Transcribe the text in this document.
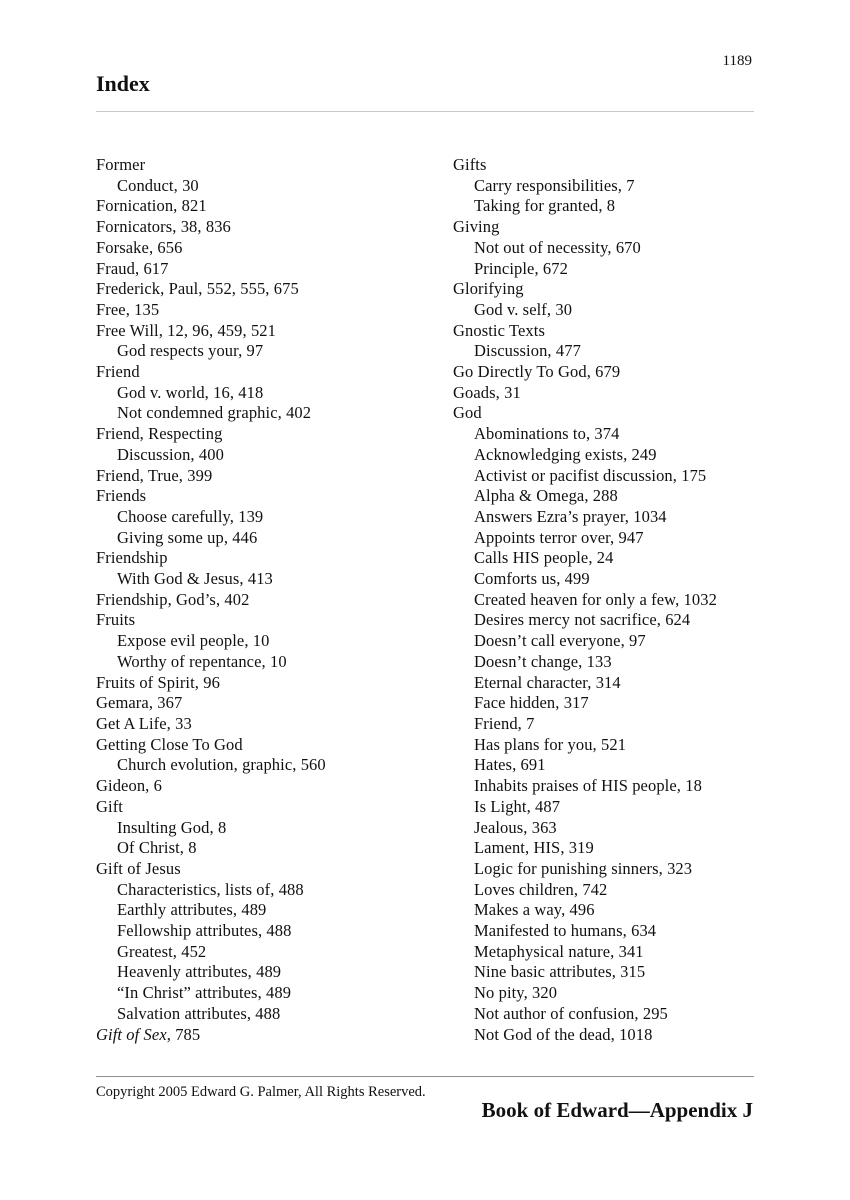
1189
Index
Former
Conduct, 30
Fornication, 821
Fornicators, 38, 836
Forsake, 656
Fraud, 617
Frederick, Paul, 552, 555, 675
Free, 135
Free Will, 12, 96, 459, 521
God respects your, 97
Friend
God v. world, 16, 418
Not condemned graphic, 402
Friend, Respecting
Discussion, 400
Friend, True, 399
Friends
Choose carefully, 139
Giving some up, 446
Friendship
With God & Jesus, 413
Friendship, God’s, 402
Fruits
Expose evil people, 10
Worthy of repentance, 10
Fruits of Spirit, 96
Gemara, 367
Get A Life, 33
Getting Close To God
Church evolution, graphic, 560
Gideon, 6
Gift
Insulting God, 8
Of Christ, 8
Gift of Jesus
Characteristics, lists of, 488
Earthly attributes, 489
Fellowship attributes, 488
Greatest, 452
Heavenly attributes, 489
“In Christ” attributes, 489
Salvation attributes, 488
Gift of Sex, 785
Gifts
Carry responsibilities, 7
Taking for granted, 8
Giving
Not out of necessity, 670
Principle, 672
Glorifying
God v. self, 30
Gnostic Texts
Discussion, 477
Go Directly To God, 679
Goads, 31
God
Abominations to, 374
Acknowledging exists, 249
Activist or pacifist discussion, 175
Alpha & Omega, 288
Answers Ezra’s prayer, 1034
Appoints terror over, 947
Calls HIS people, 24
Comforts us, 499
Created heaven for only a few, 1032
Desires mercy not sacrifice, 624
Doesn’t call everyone, 97
Doesn’t change, 133
Eternal character, 314
Face hidden, 317
Friend, 7
Has plans for you, 521
Hates, 691
Inhabits praises of HIS people, 18
Is Light, 487
Jealous, 363
Lament, HIS, 319
Logic for punishing sinners, 323
Loves children, 742
Makes a way, 496
Manifested to humans, 634
Metaphysical nature, 341
Nine basic attributes, 315
No pity, 320
Not author of confusion, 295
Not God of the dead, 1018
Copyright 2005 Edward G. Palmer, All Rights Reserved.
Book of Edward—Appendix J
